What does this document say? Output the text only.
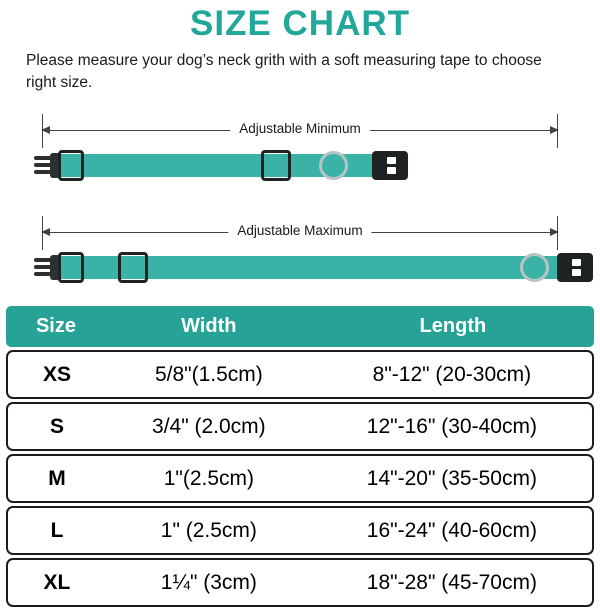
SIZE CHART

Please measure your dog’s neck grith with a soft measuring tape to choose right size.

Adjustable Minimum
Adjustable Maximum
Size	Width	Length
XS	5/8"(1.5cm)	8"-12" (20-30cm)
S	3/4" (2.0cm)	12"-16" (30-40cm)
M	1"(2.5cm)	14"-20" (35-50cm)
L	1" (2.5cm)	16"-24" (40-60cm)
XL	1¼" (3cm)	18"-28" (45-70cm)
